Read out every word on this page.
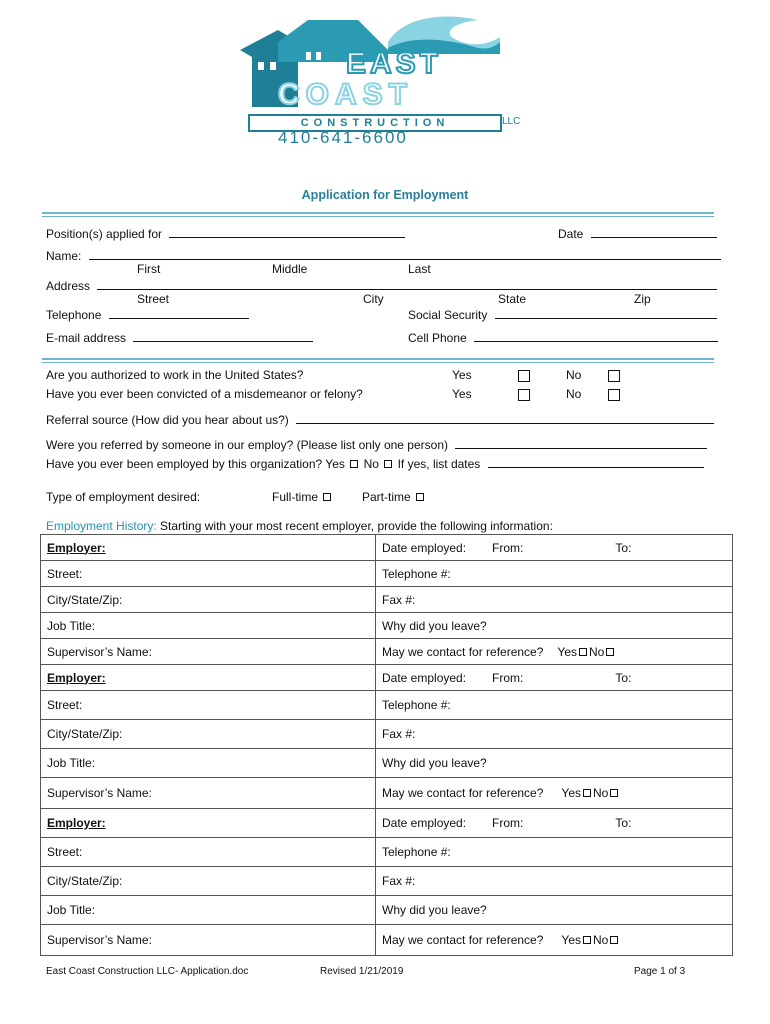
EAST
COAST
CONSTRUCTION	LLC
410-641-6600
Application for Employment
Position(s) applied for	Date
Name:
First	Middle	Last
Address
Street	City	State	Zip
Telephone	Social Security
E-mail address	Cell Phone
Are you authorized to work in the United States?	Yes	No
Have you ever been convicted of a misdemeanor or felony?	Yes	No
Referral source (How did you hear about us?)
Were you referred by someone in our employ? (Please list only one person)
Have you ever been employed by this organization? Yes No If yes, list dates
Type of employment desired:	Full-time	Part-time
Employment History: Starting with your most recent employer, provide the following information:
Employer:	Date employed: From: To:
Street:	Telephone #:
City/State/Zip:	Fax #:
Job Title:	Why did you leave?
Supervisor’s Name:	May we contact for reference? Yes No
Employer:	Date employed: From: To:
Street:	Telephone #:
City/State/Zip:	Fax #:
Job Title:	Why did you leave?
Supervisor’s Name:	May we contact for reference? Yes No
Employer:	Date employed: From: To:
Street:	Telephone #:
City/State/Zip:	Fax #:
Job Title:	Why did you leave?
Supervisor’s Name:	May we contact for reference? Yes No
East Coast Construction LLC- Application.doc	Revised 1/21/2019	Page 1 of 3
